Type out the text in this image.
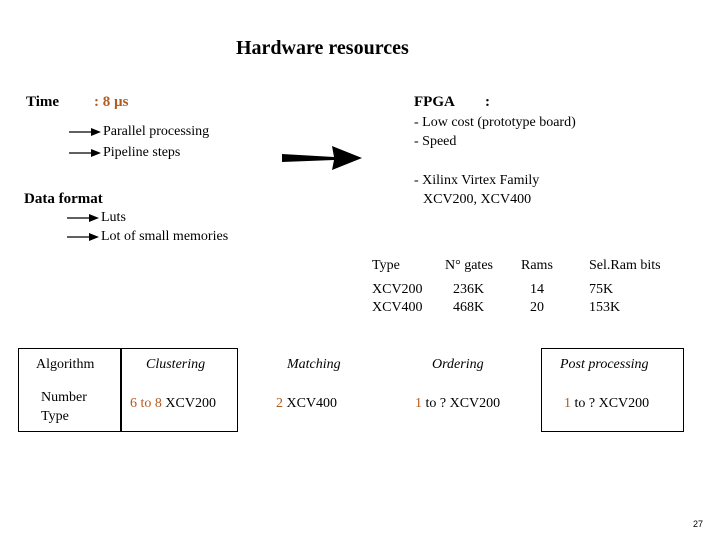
Hardware resources
Time : 8 µs
Parallel processing
Pipeline steps
FPGA :
- Low cost (prototype board)
- Speed
- Xilinx Virtex Family
XCV200, XCV400
Data format
Luts
Lot of small memories
Type	N° gates Rams	Sel.Ram bits
XCV200 236K	14	75K
XCV400 468K	20	153K
Algorithm
Number
Type
Clustering	Matching	Ordering	Post processing
6 to 8 XCV200	2 XCV400	1 to ? XCV200	1 to ? XCV200
27
